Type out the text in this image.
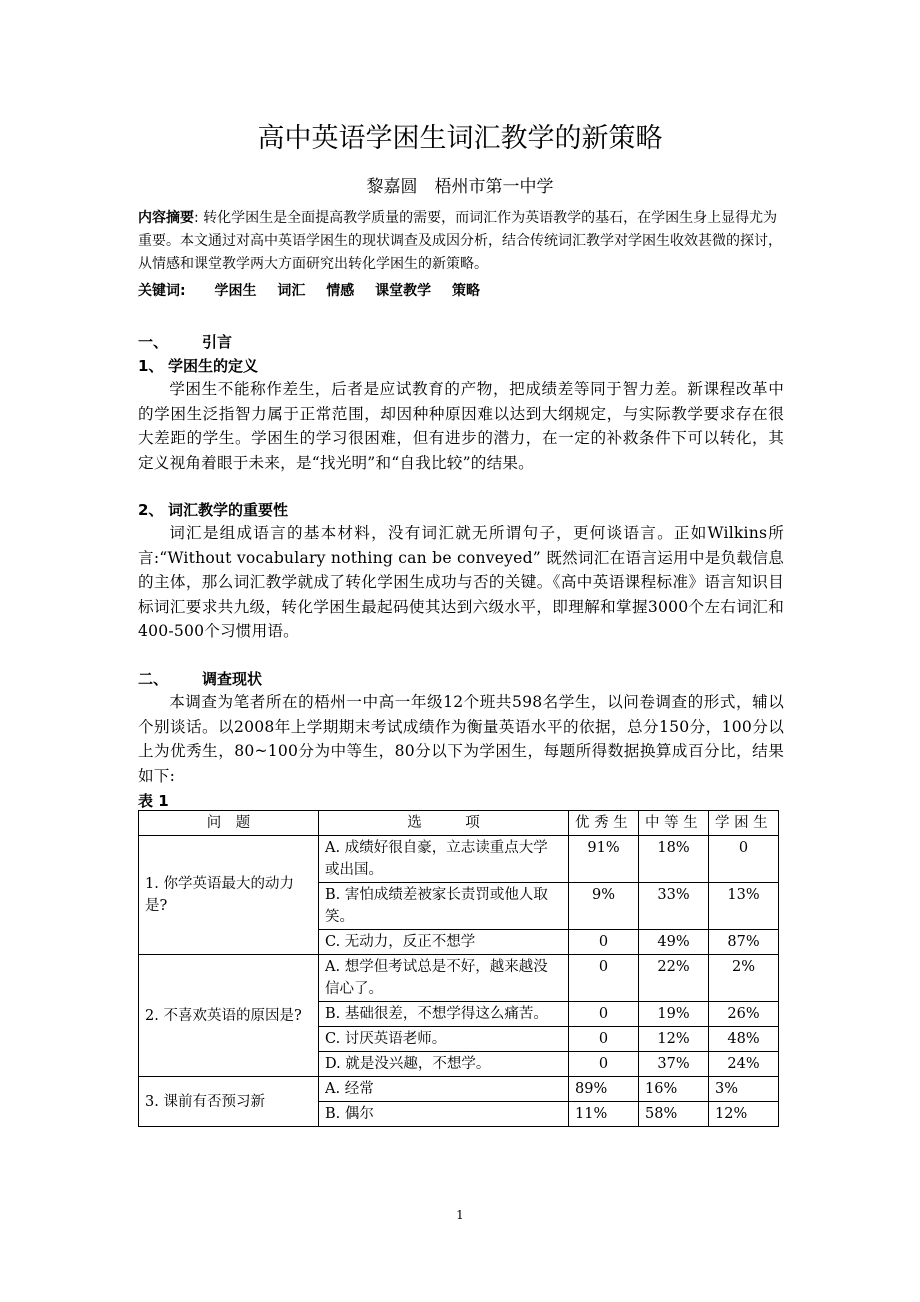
高中英语学困生词汇教学的新策略
黎嘉圆　梧州市第一中学
内容摘要: 转化学困生是全面提高教学质量的需要，而词汇作为英语教学的基石，在学困生身上显得尤为重要。本文通过对高中英语学困生的现状调查及成因分析，结合传统词汇教学对学困生收效甚微的探讨，从情感和课堂教学两大方面研究出转化学困生的新策略。
关键词: 学困生 词汇 情感 课堂教学 策略
一、 引言
1、 学困生的定义
学困生不能称作差生，后者是应试教育的产物，把成绩差等同于智力差。新课程改革中的学困生泛指智力属于正常范围，却因种种原因难以达到大纲规定，与实际教学要求存在很大差距的学生。学困生的学习很困难，但有进步的潜力，在一定的补救条件下可以转化，其定义视角着眼于未来，是“找光明”和“自我比较”的结果。
2、 词汇教学的重要性
词汇是组成语言的基本材料，没有词汇就无所谓句子，更何谈语言。正如Wilkins所言:“Without vocabulary nothing can be conveyed” 既然词汇在语言运用中是负载信息的主体，那么词汇教学就成了转化学困生成功与否的关键。《高中英语课程标准》语言知识目标词汇要求共九级，转化学困生最起码使其达到六级水平，即理解和掌握3000个左右词汇和400-500个习惯用语。
二、 调查现状
本调查为笔者所在的梧州一中高一年级12个班共598名学生，以问卷调查的形式，辅以个别谈话。以2008年上学期期末考试成绩作为衡量英语水平的依据，总分150分，100分以上为优秀生，80~100分为中等生，80分以下为学困生，每题所得数据换算成百分比，结果如下:
表 1
问　题	选　　　项	优 秀 生	中 等 生	学 困 生
1. 你学英语最大的动力是?	A. 成绩好很自豪，立志读重点大学或出国。	91%	18%	0
	B. 害怕成绩差被家长责罚或他人取笑。	9%	33%	13%
	C. 无动力，反正不想学	0	49%	87%
2. 不喜欢英语的原因是?	A. 想学但考试总是不好，越来越没信心了。	0	22%	2%
	B. 基础很差，不想学得这么痛苦。	0	19%	26%
	C. 讨厌英语老师。	0	12%	48%
	D. 就是没兴趣，不想学。	0	37%	24%
3. 课前有否预习新	A. 经常	89%	16%	3%
	B. 偶尔	11%	58%	12%
1
